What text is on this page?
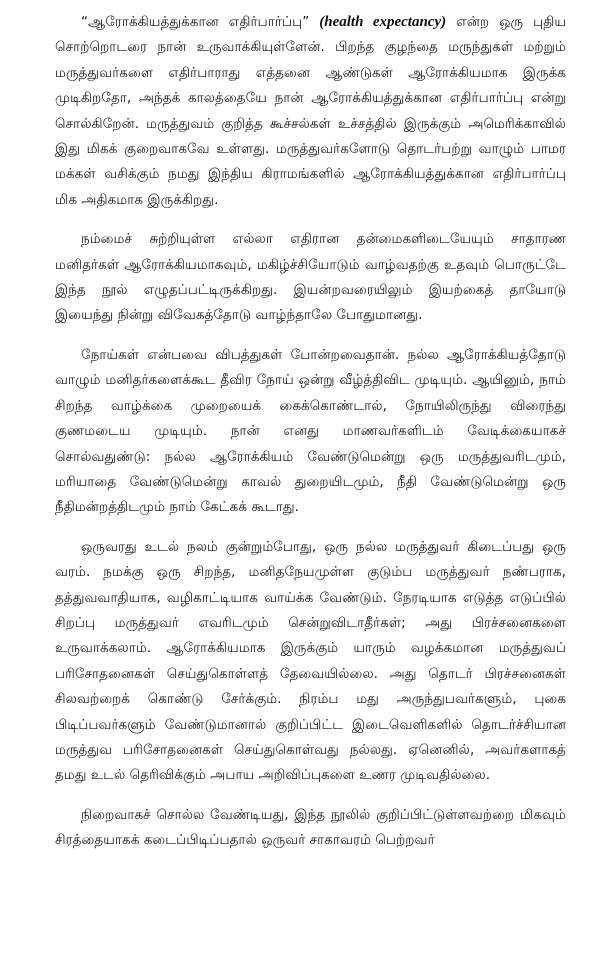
“ஆரோக்கியத்துக்கான எதிர்பார்ப்பு” (health expectancy) என்ற ஒரு புதிய சொற்றொடரை நான் உருவாக்கியுள்ளேன். பிறந்த குழந்தை மருந்துகள் மற்றும் மருத்துவர்களை எதிர்பாராது எத்தனை ஆண்டுகள் ஆரோக்கியமாக இருக்க முடிகிறதோ, அந்தக் காலத்தையே நான் ஆரோக்கியத்துக்கான எதிர்பார்ப்பு என்று சொல்கிறேன். மருத்துவம் குறித்த கூச்சல்கள் உச்சத்தில் இருக்கும் அமெரிக்காவில் இது மிகக் குறைவாகவே உள்ளது. மருத்துவர்களோடு தொடர்பற்று வாழும் பாமர மக்கள் வசிக்கும் நமது இந்திய கிராமங்களில் ஆரோக்கியத்துக்கான எதிர்பார்ப்பு மிக அதிகமாக இருக்கிறது.

நம்மைச் சுற்றியுள்ள எல்லா எதிரான தன்மைகளிடையேயும் சாதாரண மனிதர்கள் ஆரோக்கியமாகவும், மகிழ்ச்சியோடும் வாழ்வதற்கு உதவும் பொருட்டே இந்த நூல் எழுதப்பட்டிருக்கிறது. இயன்றவரையிலும் இயற்கைத் தாயோடு இயைந்து நின்று விவேகத்தோடு வாழ்ந்தாலே போதுமானது.

நோய்கள் என்பவை விபத்துகள் போன்றவைதான். நல்ல ஆரோக்கியத்தோடு வாழும் மனிதர்களைக்கூட தீவிர நோய் ஒன்று வீழ்த்திவிட முடியும். ஆயினும், நாம் சிறந்த வாழ்க்கை முறையைக் கைக்கொண்டால், நோயிலிருந்து விரைந்து குணமடைய முடியும். நான் எனது மாணவர்களிடம் வேடிக்கையாகச் சொல்வதுண்டு: நல்ல ஆரோக்கியம் வேண்டுமென்று ஒரு மருத்துவரிடமும், மரியாதை வேண்டுமென்று காவல் துறையிடமும், நீதி வேண்டுமென்று ஒரு நீதிமன்றத்திடமும் நாம் கேட்கக் கூடாது.

ஒருவரது உடல் நலம் குன்றும்போது, ஒரு நல்ல மருத்துவர் கிடைப்பது ஒரு வரம். நமக்கு ஒரு சிறந்த, மனிதநேயமுள்ள குடும்ப மருத்துவர் நண்பராக, தத்துவவாதியாக, வழிகாட்டியாக வாய்க்க வேண்டும். நேரடியாக எடுத்த எடுப்பில் சிறப்பு மருத்துவர் எவரிடமும் சென்றுவிடாதீர்கள்; அது பிரச்சனைகளை உருவாக்கலாம். ஆரோக்கியமாக இருக்கும் யாரும் வழக்கமான மருத்துவப் பரிசோதனைகள் செய்துகொள்ளத் தேவையில்லை. அது தொடர் பிரச்சனைகள் சிலவற்றைக் கொண்டு சேர்க்கும். நிரம்ப மது அருந்துபவர்களும், புகை பிடிப்பவர்களும் வேண்டுமானால் குறிப்பிட்ட இடைவெளிகளில் தொடர்ச்சியான மருத்துவ பரிசோதனைகள் செய்துகொள்வது நல்லது. ஏனெனில், அவர்களாகத் தமது உடல் தெரிவிக்கும் அபாய அறிவிப்புகளை உணர முடிவதில்லை.

நிறைவாகச் சொல்ல வேண்டியது, இந்த நூலில் குறிப்பிட்டுள்ளவற்றை மிகவும் சிரத்தையாகக் கடைப்பிடிப்பதால் ஒருவர் சாகாவரம் பெற்றவர்
